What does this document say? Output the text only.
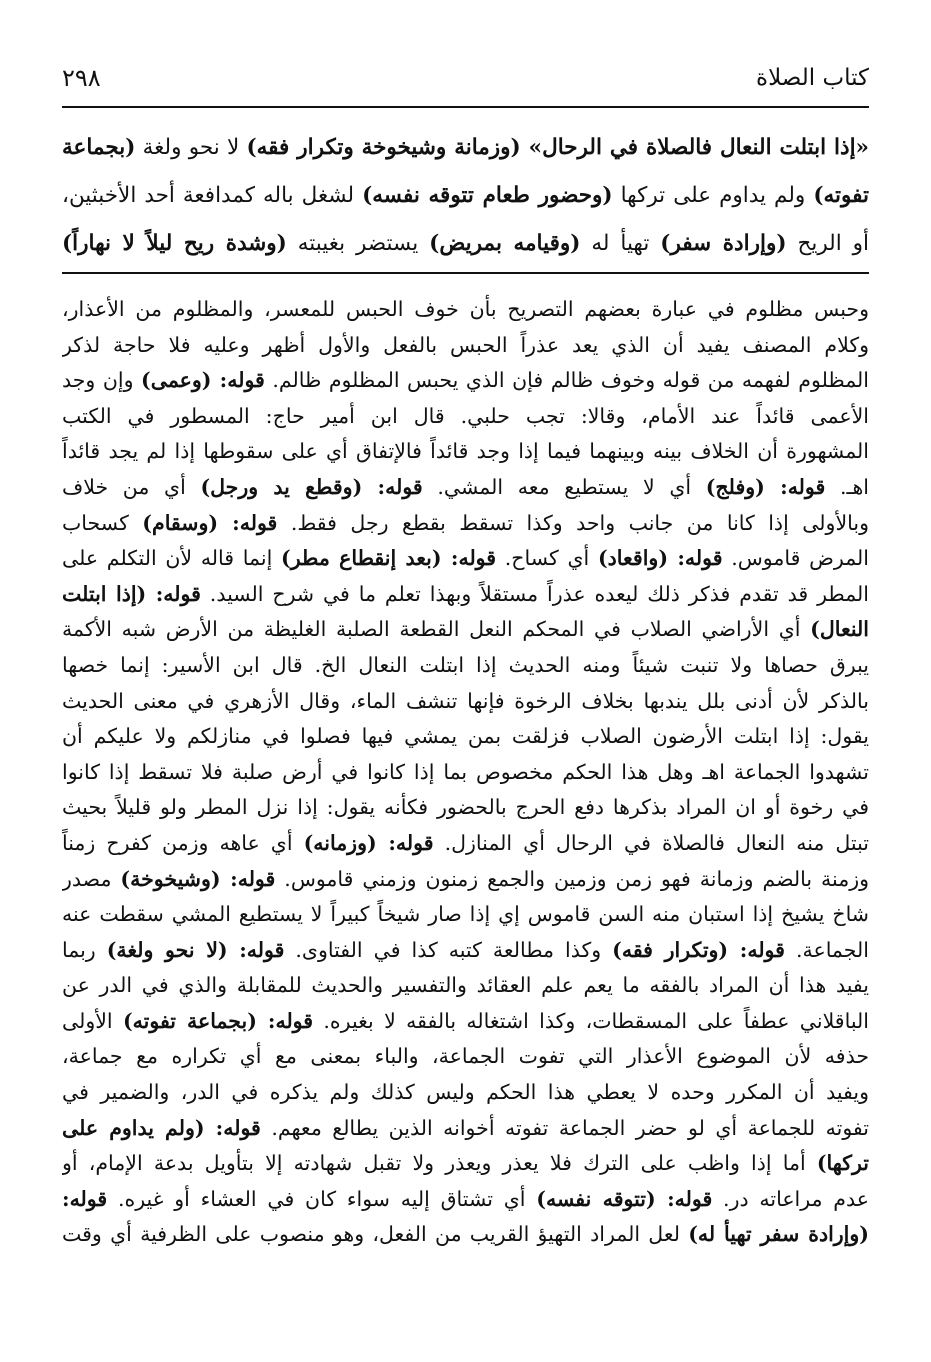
٢٩٨	كتاب الصلاة
«إذا ابتلت النعال فالصلاة في الرحال» (وزمانة وشيخوخة وتكرار فقه) لا نحو ولغة (بجماعة
تفوته) ولم يداوم على تركها (وحضور طعام تتوقه نفسه) لشغل باله كمدافعة أحد الأخبثين،
أو الريح (وإرادة سفر) تهيأ له (وقيامه بمريض) يستضر بغيبته (وشدة ريح ليلاً لا نهاراً)
وحبس مظلوم في عبارة بعضهم التصريح بأن خوف الحبس للمعسر، والمظلوم من الأعذار،
وكلام المصنف يفيد أن الذي يعد عذراً الحبس بالفعل والأول أظهر وعليه فلا حاجة لذكر
المظلوم لفهمه من قوله وخوف ظالم فإن الذي يحبس المظلوم ظالم. قوله: (وعمى) وإن وجد
الأعمى قائداً عند الأمام، وقالا: تجب حلبي. قال ابن أمير حاج: المسطور في الكتب
المشهورة أن الخلاف بينه وبينهما فيما إذا وجد قائداً فالإتفاق أي على سقوطها إذا لم يجد قائداً
اهـ. قوله: (وفلج) أي لا يستطيع معه المشي. قوله: (وقطع يد ورجل) أي من خلاف
وبالأولى إذا كانا من جانب واحد وكذا تسقط بقطع رجل فقط. قوله: (وسقام) كسحاب
المرض قاموس. قوله: (واقعاد) أي كساح. قوله: (بعد إنقطاع مطر) إنما قاله لأن التكلم على
المطر قد تقدم فذكر ذلك ليعده عذراً مستقلاً وبهذا تعلم ما في شرح السيد. قوله: (إذا ابتلت
النعال) أي الأراضي الصلاب في المحكم النعل القطعة الصلبة الغليظة من الأرض شبه الأكمة
يبرق حصاها ولا تنبت شيئاً ومنه الحديث إذا ابتلت النعال الخ. قال ابن الأسير: إنما خصها
بالذكر لأن أدنى بلل يندبها بخلاف الرخوة فإنها تنشف الماء، وقال الأزهري في معنى الحديث
يقول: إذا ابتلت الأرضون الصلاب فزلقت بمن يمشي فيها فصلوا في منازلكم ولا عليكم أن
تشهدوا الجماعة اهـ وهل هذا الحكم مخصوص بما إذا كانوا في أرض صلبة فلا تسقط إذا كانوا
في رخوة أو ان المراد بذكرها دفع الحرج بالحضور فكأنه يقول: إذا نزل المطر ولو قليلاً بحيث
تبتل منه النعال فالصلاة في الرحال أي المنازل. قوله: (وزمانه) أي عاهه وزمن كفرح زمناً
وزمنة بالضم وزمانة فهو زمن وزمين والجمع زمنون وزمني قاموس. قوله: (وشيخوخة) مصدر
شاخ يشيخ إذا استبان منه السن قاموس إي إذا صار شيخاً كبيراً لا يستطيع المشي سقطت عنه
الجماعة. قوله: (وتكرار فقه) وكذا مطالعة كتبه كذا في الفتاوى. قوله: (لا نحو ولغة) ربما
يفيد هذا أن المراد بالفقه ما يعم علم العقائد والتفسير والحديث للمقابلة والذي في الدر عن
الباقلاني عطفاً على المسقطات، وكذا اشتغاله بالفقه لا بغيره. قوله: (بجماعة تفوته) الأولى
حذفه لأن الموضوع الأعذار التي تفوت الجماعة، والباء بمعنى مع أي تكراره مع جماعة،
ويفيد أن المكرر وحده لا يعطي هذا الحكم وليس كذلك ولم يذكره في الدر، والضمير في
تفوته للجماعة أي لو حضر الجماعة تفوته أخوانه الذين يطالع معهم. قوله: (ولم يداوم على
تركها) أما إذا واظب على الترك فلا يعذر ويعذر ولا تقبل شهادته إلا بتأويل بدعة الإمام، أو
عدم مراعاته در. قوله: (تتوقه نفسه) أي تشتاق إليه سواء كان في العشاء أو غيره. قوله:
(وإرادة سفر تهيأ له) لعل المراد التهيؤ القريب من الفعل، وهو منصوب على الظرفية أي وقت
